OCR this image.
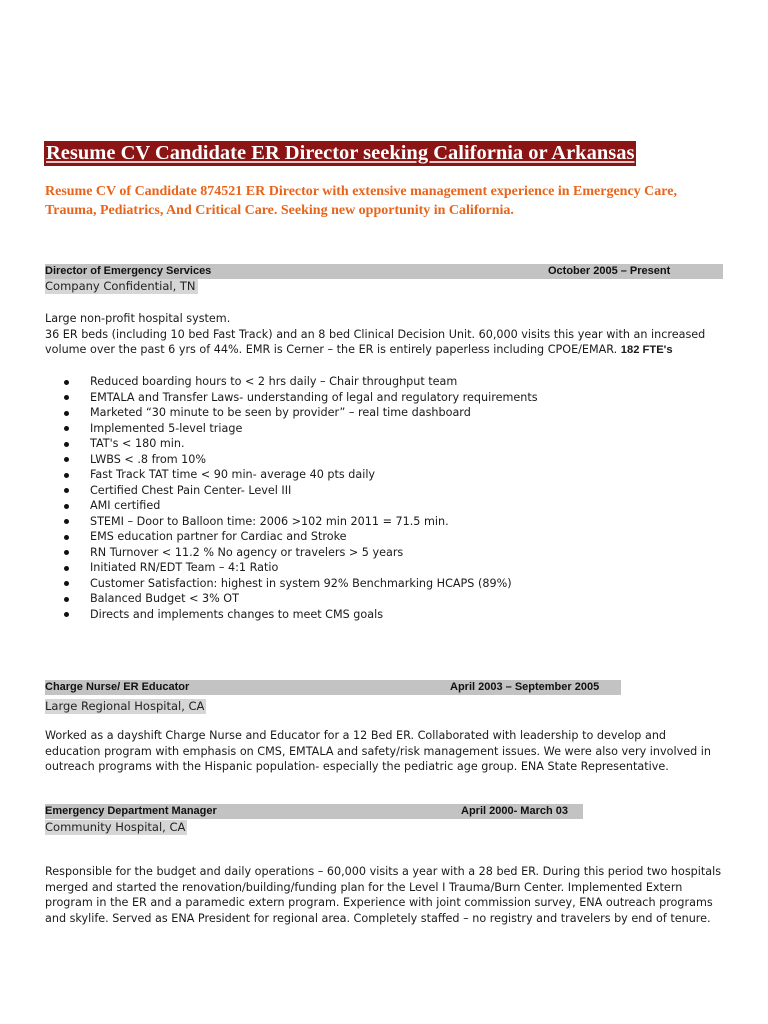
Resume CV Candidate ER Director seeking California or Arkansas
Resume CV of Candidate 874521 ER Director with extensive management experience in Emergency Care, Trauma, Pediatrics, And Critical Care. Seeking new opportunity in California.
Director of Emergency Services	October 2005 – Present
Company Confidential, TN
Large non-profit hospital system.
36 ER beds (including 10 bed Fast Track) and an 8 bed Clinical Decision Unit. 60,000 visits this year with an increased volume over the past 6 yrs of 44%. EMR is Cerner – the ER is entirely paperless including CPOE/EMAR. 182 FTE's
Reduced boarding hours to < 2 hrs daily – Chair throughput team
EMTALA and Transfer Laws- understanding of legal and regulatory requirements
Marketed “30 minute to be seen by provider” – real time dashboard
Implemented 5-level triage
TAT's < 180 min.
LWBS < .8 from 10%
Fast Track TAT time < 90 min- average 40 pts daily
Certified Chest Pain Center- Level III
AMI certified
STEMI – Door to Balloon time: 2006 >102 min 2011 = 71.5 min.
EMS education partner for Cardiac and Stroke
RN Turnover < 11.2 % No agency or travelers > 5 years
Initiated RN/EDT Team – 4:1 Ratio
Customer Satisfaction: highest in system 92% Benchmarking HCAPS (89%)
Balanced Budget < 3% OT
Directs and implements changes to meet CMS goals
Charge Nurse/ ER Educator	April 2003 – September 2005
Large Regional Hospital, CA
Worked as a dayshift Charge Nurse and Educator for a 12 Bed ER. Collaborated with leadership to develop and education program with emphasis on CMS, EMTALA and safety/risk management issues. We were also very involved in outreach programs with the Hispanic population- especially the pediatric age group. ENA State Representative.
Emergency Department Manager	April 2000- March 03
Community Hospital, CA
Responsible for the budget and daily operations – 60,000 visits a year with a 28 bed ER. During this period two hospitals merged and started the renovation/building/funding plan for the Level I Trauma/Burn Center. Implemented Extern program in the ER and a paramedic extern program. Experience with joint commission survey, ENA outreach programs and skylife. Served as ENA President for regional area. Completely staffed – no registry and travelers by end of tenure.
